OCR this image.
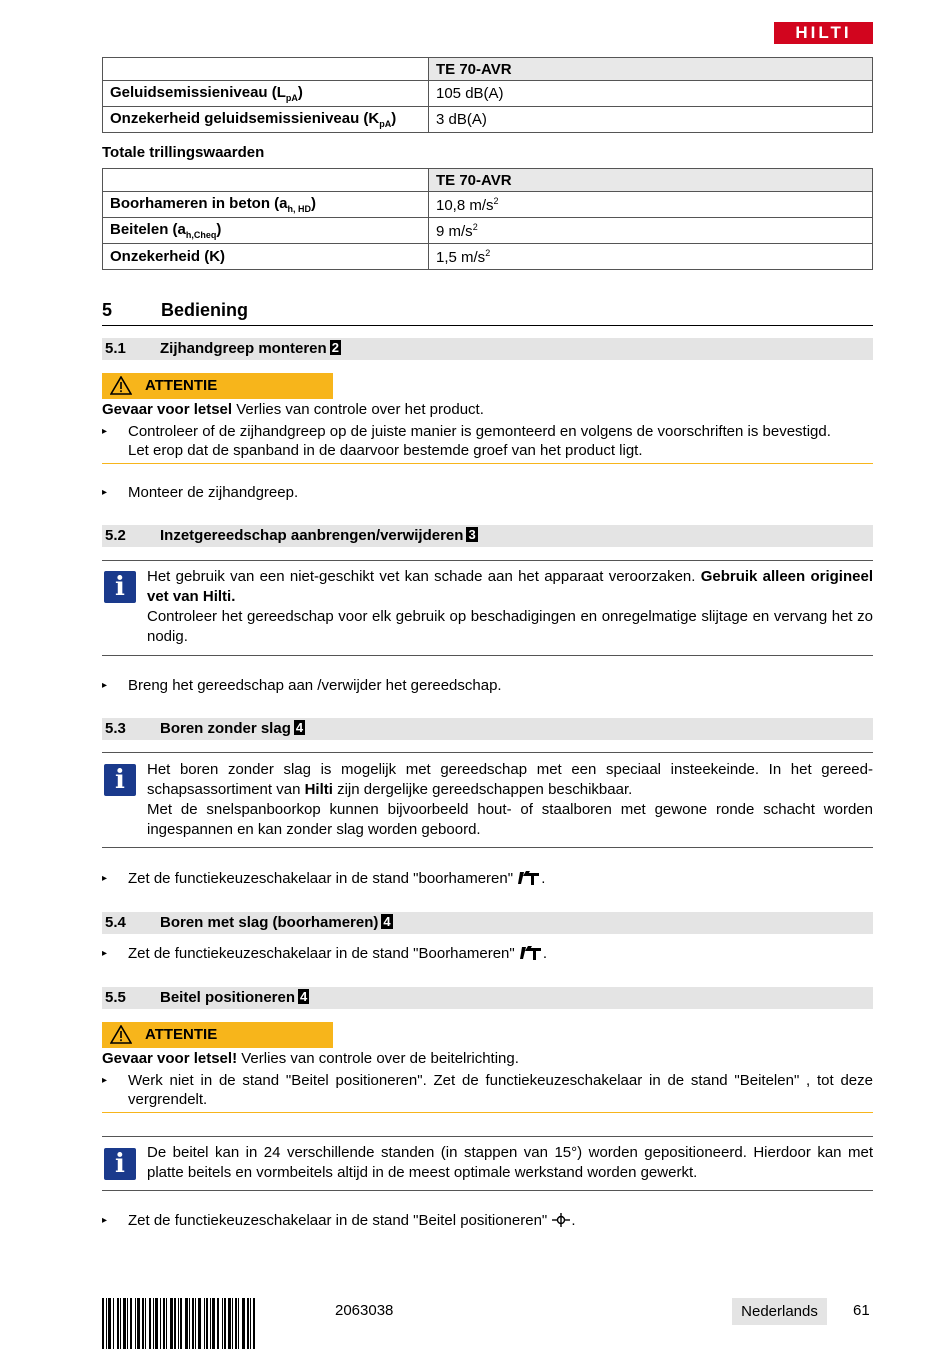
HILTI
	TE 70-AVR
Geluidsemissieniveau $(L_{pA})$	105 dB(A)
Onzekerheid geluidsemissieniveau $(K_{pA})$	3 dB(A)
Totale trillingswaarden
	TE 70-AVR
Boorhameren in beton $(a_{h, HD})$	10,8 $m/s^2$
Beitelen $(a_{h,Cheq})$	9 $m/s^2$
Onzekerheid (K)	1,5 $m/s^2$
5	Bediening
5.1 Zijhandgreep monteren 2
ATTENTIE
Gevaar voor letsel Verlies van controle over het product.
▸ Controleer of de zijhandgreep op de juiste manier is gemonteerd en volgens de voorschriften is bevestigd.
Let erop dat de spanband in de daarvoor bestemde groef van het product ligt.
▸ Monteer de zijhandgreep.
5.2 Inzetgereedschap aanbrengen/verwijderen 3
i	Het gebruik van een niet-geschikt vet kan schade aan het apparaat veroorzaken. Gebruik alleen origineel vet van Hilti.
Controleer het gereedschap voor elk gebruik op beschadigingen en onregelmatige slijtage en vervang het zo nodig.
▸ Breng het gereedschap aan /verwijder het gereedschap.
5.3 Boren zonder slag 4
i	Het boren zonder slag is mogelijk met gereedschap met een speciaal insteekeinde. In het gereed-schapsassortiment van Hilti zijn dergelijke gereedschappen beschikbaar.
Met de snelspanboorkop kunnen bijvoorbeeld hout- of staalboren met gewone ronde schacht worden ingespannen en kan zonder slag worden geboord.
▸ Zet de functiekeuzeschakelaar in de stand "boorhameren" .
5.4 Boren met slag (boorhameren) 4
▸ Zet de functiekeuzeschakelaar in de stand "Boorhameren" .
5.5 Beitel positioneren 4
ATTENTIE
Gevaar voor letsel! Verlies van controle over de beitelrichting.
▸ Werk niet in de stand "Beitel positioneren". Zet de functiekeuzeschakelaar in de stand "Beitelen" , tot deze vergrendelt.
i	De beitel kan in 24 verschillende standen (in stappen van 15°) worden gepositioneerd. Hierdoor kan met platte beitels en vormbeitels altijd in de meest optimale werkstand worden gewerkt.
▸ Zet de functiekeuzeschakelaar in de stand "Beitel positioneren" .
2063038	Nederlands	61
